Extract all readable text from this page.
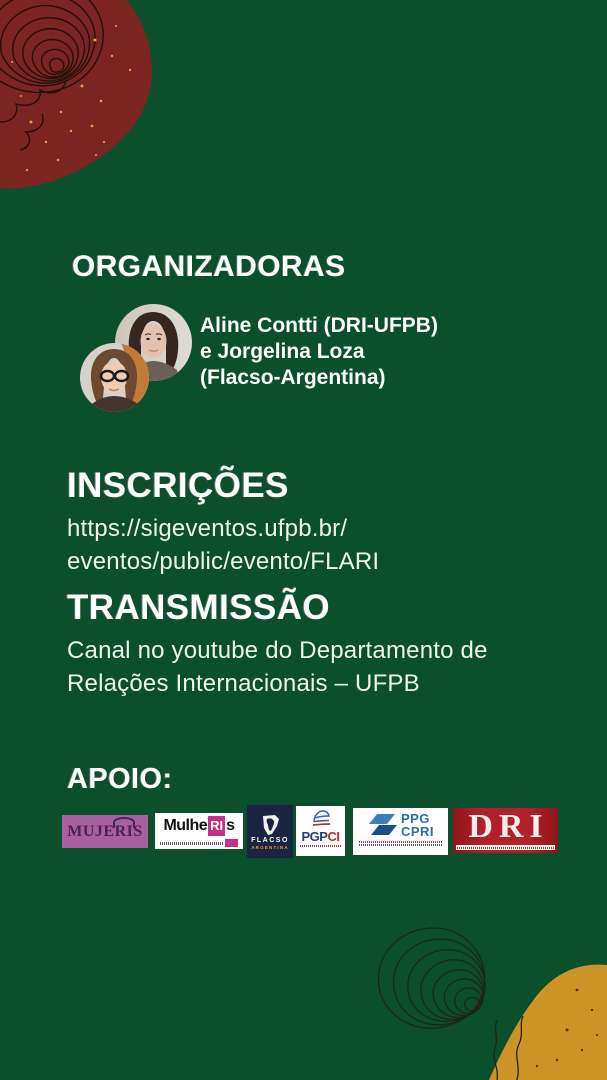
ORGANIZADORAS
Aline Contti (DRI-UFPB)
e Jorgelina Loza
(Flacso-Argentina)
INSCRIÇÕES
https://sigeventos.ufpb.br/
eventos/public/evento/FLARI
TRANSMISSÃO
Canal no youtube do Departamento de
Relações Internacionais – UFPB
APOIO:
MUJERIS Mulhe RI s
FLACSO
ARGENTINA
PGPCI
PPG
CPRI DRI
